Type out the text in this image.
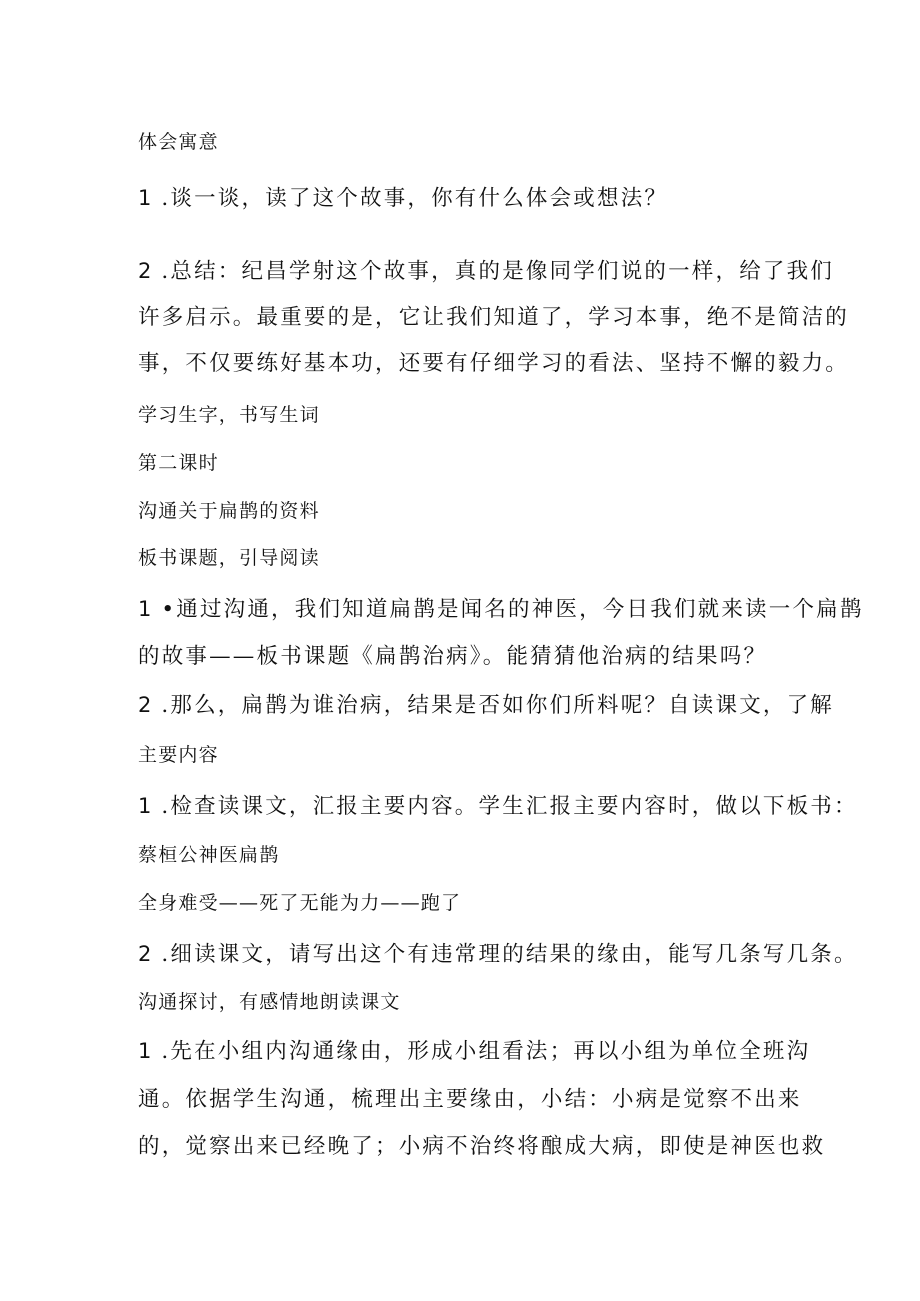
体会寓意
1 .谈一谈，读了这个故事，你有什么体会或想法？
2 .总结：纪昌学射这个故事，真的是像同学们说的一样，给了我们
许多启示。最重要的是，它让我们知道了，学习本事，绝不是简洁的
事，不仅要练好基本功，还要有仔细学习的看法、坚持不懈的毅力。
学习生字，书写生词
第二课时
沟通关于扁鹊的资料
板书课题，引导阅读
1 •通过沟通，我们知道扁鹊是闻名的神医，今日我们就来读一个扁鹊
的故事——板书课题《扁鹊治病》。能猜猜他治病的结果吗？
2 .那么，扁鹊为谁治病，结果是否如你们所料呢？自读课文，了解
主要内容
1 .检查读课文，汇报主要内容。学生汇报主要内容时，做以下板书：
蔡桓公神医扁鹊
全身难受——死了无能为力——跑了
2 .细读课文，请写出这个有违常理的结果的缘由，能写几条写几条。
沟通探讨，有感情地朗读课文
1 .先在小组内沟通缘由，形成小组看法；再以小组为单位全班沟
通。依据学生沟通，梳理出主要缘由，小结：小病是觉察不出来
的，觉察出来已经晚了；小病不治终将酿成大病，即使是神医也救
